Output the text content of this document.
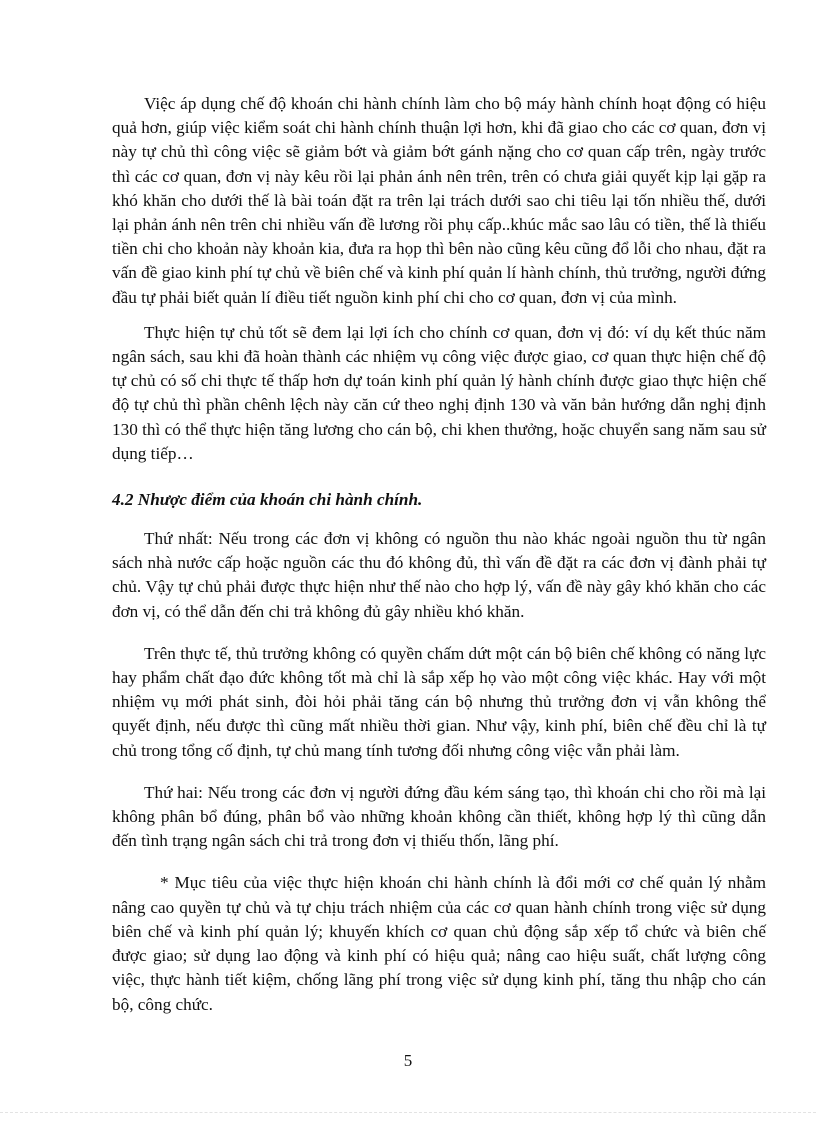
Việc áp dụng chế độ khoán chi hành chính làm cho bộ máy hành chính hoạt động có hiệu quả hơn, giúp việc kiểm soát chi hành chính thuận lợi hơn, khi đã giao cho các cơ quan, đơn vị này tự chủ thì công việc sẽ giảm bớt và giảm bớt gánh nặng cho cơ quan cấp trên, ngày trước thì các cơ quan, đơn vị này kêu rồi lại phản ánh nên trên, trên có chưa giải quyết kịp lại gặp ra khó khăn cho dưới thế là bài toán đặt ra trên lại trách dưới sao chi tiêu lại tốn nhiều thế, dưới lại phản ánh nên trên chi nhiều vấn đề lương rồi phụ cấp..khúc mắc sao lâu có tiền, thế là thiếu tiền chi cho khoản này khoản kia, đưa ra họp thì bên nào cũng kêu cũng đổ lỗi cho nhau, đặt ra vấn đề giao kinh phí tự chủ về biên chế và kinh phí quản lí hành chính, thủ trưởng, người đứng đầu tự phải biết quản lí điều tiết nguồn kinh phí chi cho cơ quan, đơn vị của mình.

Thực hiện tự chủ tốt sẽ đem lại lợi ích cho chính cơ quan, đơn vị đó: ví dụ kết thúc năm ngân sách, sau khi đã hoàn thành các nhiệm vụ công việc được giao, cơ quan thực hiện chế độ tự chủ có số chi thực tế thấp hơn dự toán kinh phí quản lý hành chính được giao thực hiện chế độ tự chủ thì phần chênh lệch này căn cứ theo nghị định 130 và văn bản hướng dẫn nghị định 130 thì có thể thực hiện tăng lương cho cán bộ, chi khen thưởng, hoặc chuyển sang năm sau sử dụng tiếp…

4.2 Nhược điểm của khoán chi hành chính.

Thứ nhất: Nếu trong các đơn vị không có nguồn thu nào khác ngoài nguồn thu từ ngân sách nhà nước cấp hoặc nguồn các thu đó không đủ, thì vấn đề đặt ra các đơn vị đành phải tự chủ. Vậy tự chủ phải được thực hiện như thế nào cho hợp lý, vấn đề này gây khó khăn cho các đơn vị, có thể dẫn đến chi trả không đủ gây nhiều khó khăn.

Trên thực tế, thủ trưởng không có quyền chấm dứt một cán bộ biên chế không có năng lực hay phẩm chất đạo đức không tốt mà chỉ là sắp xếp họ vào một công việc khác. Hay với một nhiệm vụ mới phát sinh, đòi hỏi phải tăng cán bộ nhưng thủ trưởng đơn vị vẫn không thể quyết định, nếu được thì cũng mất nhiều thời gian. Như vậy, kinh phí, biên chế đều chỉ là tự chủ trong tổng cố định, tự chủ mang tính tương đối nhưng công việc vẫn phải làm.

Thứ hai: Nếu trong các đơn vị người đứng đầu kém sáng tạo, thì khoán chi cho rồi mà lại không phân bổ đúng, phân bổ vào những khoản không cần thiết, không hợp lý thì cũng dẫn đến tình trạng ngân sách chi trả trong đơn vị thiếu thốn, lãng phí.

* Mục tiêu của việc thực hiện khoán chi hành chính là đổi mới cơ chế quản lý nhằm nâng cao quyền tự chủ và tự chịu trách nhiệm của các cơ quan hành chính trong việc sử dụng biên chế và kinh phí quản lý; khuyến khích cơ quan chủ động sắp xếp tổ chức và biên chế được giao; sử dụng lao động và kinh phí có hiệu quả; nâng cao hiệu suất, chất lượng công việc, thực hành tiết kiệm, chống lãng phí trong việc sử dụng kinh phí, tăng thu nhập cho cán bộ, công chức.

5
